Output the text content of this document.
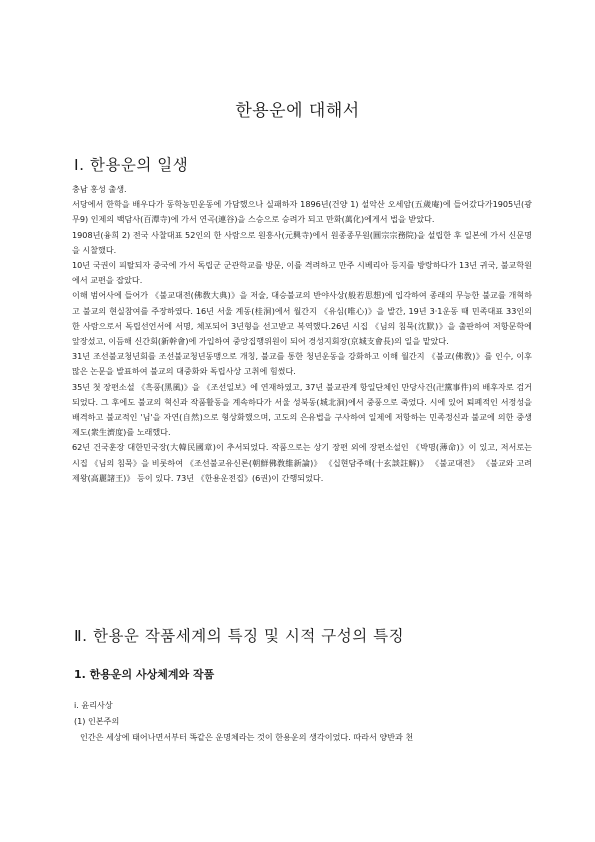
한용운에 대해서
Ⅰ. 한용운의 일생

충남 홍성 출생.

서당에서 한학을 배우다가 동학농민운동에 가담했으나 실패하자 1896년(건양 1) 설악산 오세암(五歲庵)에 들어갔다가1905년(광무9) 인제의 백담사(百潭寺)에 가서 연곡(連谷)을 스승으로 승려가 되고 만화(萬化)에게서 법을 받았다.

1908년(융희 2) 전국 사찰대표 52인의 한 사람으로 원흥사(元興寺)에서 원종종무원(圓宗宗務院)을 설립한 후 일본에 가서 신문명을 시찰했다.

10년 국권이 피탈되자 중국에 가서 독립군 군관학교를 방문, 이를 격려하고 만주 시베리아 등지를 방랑하다가 13년 귀국, 불교학원에서 교편을 잡았다.

이해 범어사에 들어가 《불교대전(佛敎大典)》을 저술, 대승불교의 반야사상(般若思想)에 입각하여 종래의 무능한 불교를 개혁하고 불교의 현실참여를 주장하였다. 16년 서울 계동(桂洞)에서 월간지 《유심(唯心)》을 발간, 19년 3·1운동 때 민족대표 33인의 한 사람으로서 독립선언서에 서명, 체포되어 3년형을 선고받고 복역했다.26년 시집 《님의 침묵(沈默)》을 출판하여 저항문학에 앞장섰고, 이듬해 신간회(新幹會)에 가입하여 중앙집행위원이 되어 경성지회장(京城支會長)의 일을 맡았다.

31년 조선불교청년회를 조선불교청년동맹으로 개칭, 불교를 통한 청년운동을 강화하고 이해 월간지 《불교(佛敎)》를 인수, 이후 많은 논문을 발표하여 불교의 대중화와 독립사상 고취에 힘썼다.

35년 첫 장편소설 《흑풍(黑風)》을 《조선일보》에 연재하였고, 37년 불교관계 항일단체인 만당사건(卍黨事件)의 배후자로 검거되었다. 그 후에도 불교의 혁신과 작품활동을 계속하다가 서울 성북동(城北洞)에서 중풍으로 죽었다. 시에 있어 퇴폐적인 서정성을 배격하고 불교적인 '님'을 자연(自然)으로 형상화했으며, 고도의 은유법을 구사하여 일제에 저항하는 민족정신과 불교에 의한 중생제도(衆生濟度)를 노래했다.

62년 건국훈장 대한민국장(大韓民國章)이 추서되었다. 작품으로는 상기 장편 외에 장편소설인 《박명(薄命)》이 있고, 저서로는 시집 《님의 침묵》을 비롯하여 《조선불교유신론(朝鮮佛敎維新論)》 《십현담주해(十玄談註解)》 《불교대전》 《불교와 고려제왕(高麗諸王)》 등이 있다. 73년 《한용운전집》(6권)이 간행되었다.

Ⅱ. 한용운 작품세계의 특징 및 시적 구성의 특징
1. 한용운의 사상체계와 작품
ⅰ. 윤리사상
(1) 인본주의
인간은 세상에 태어나면서부터 똑같은 운명체라는 것이 한용운의 생각이었다. 따라서 양반과 천
